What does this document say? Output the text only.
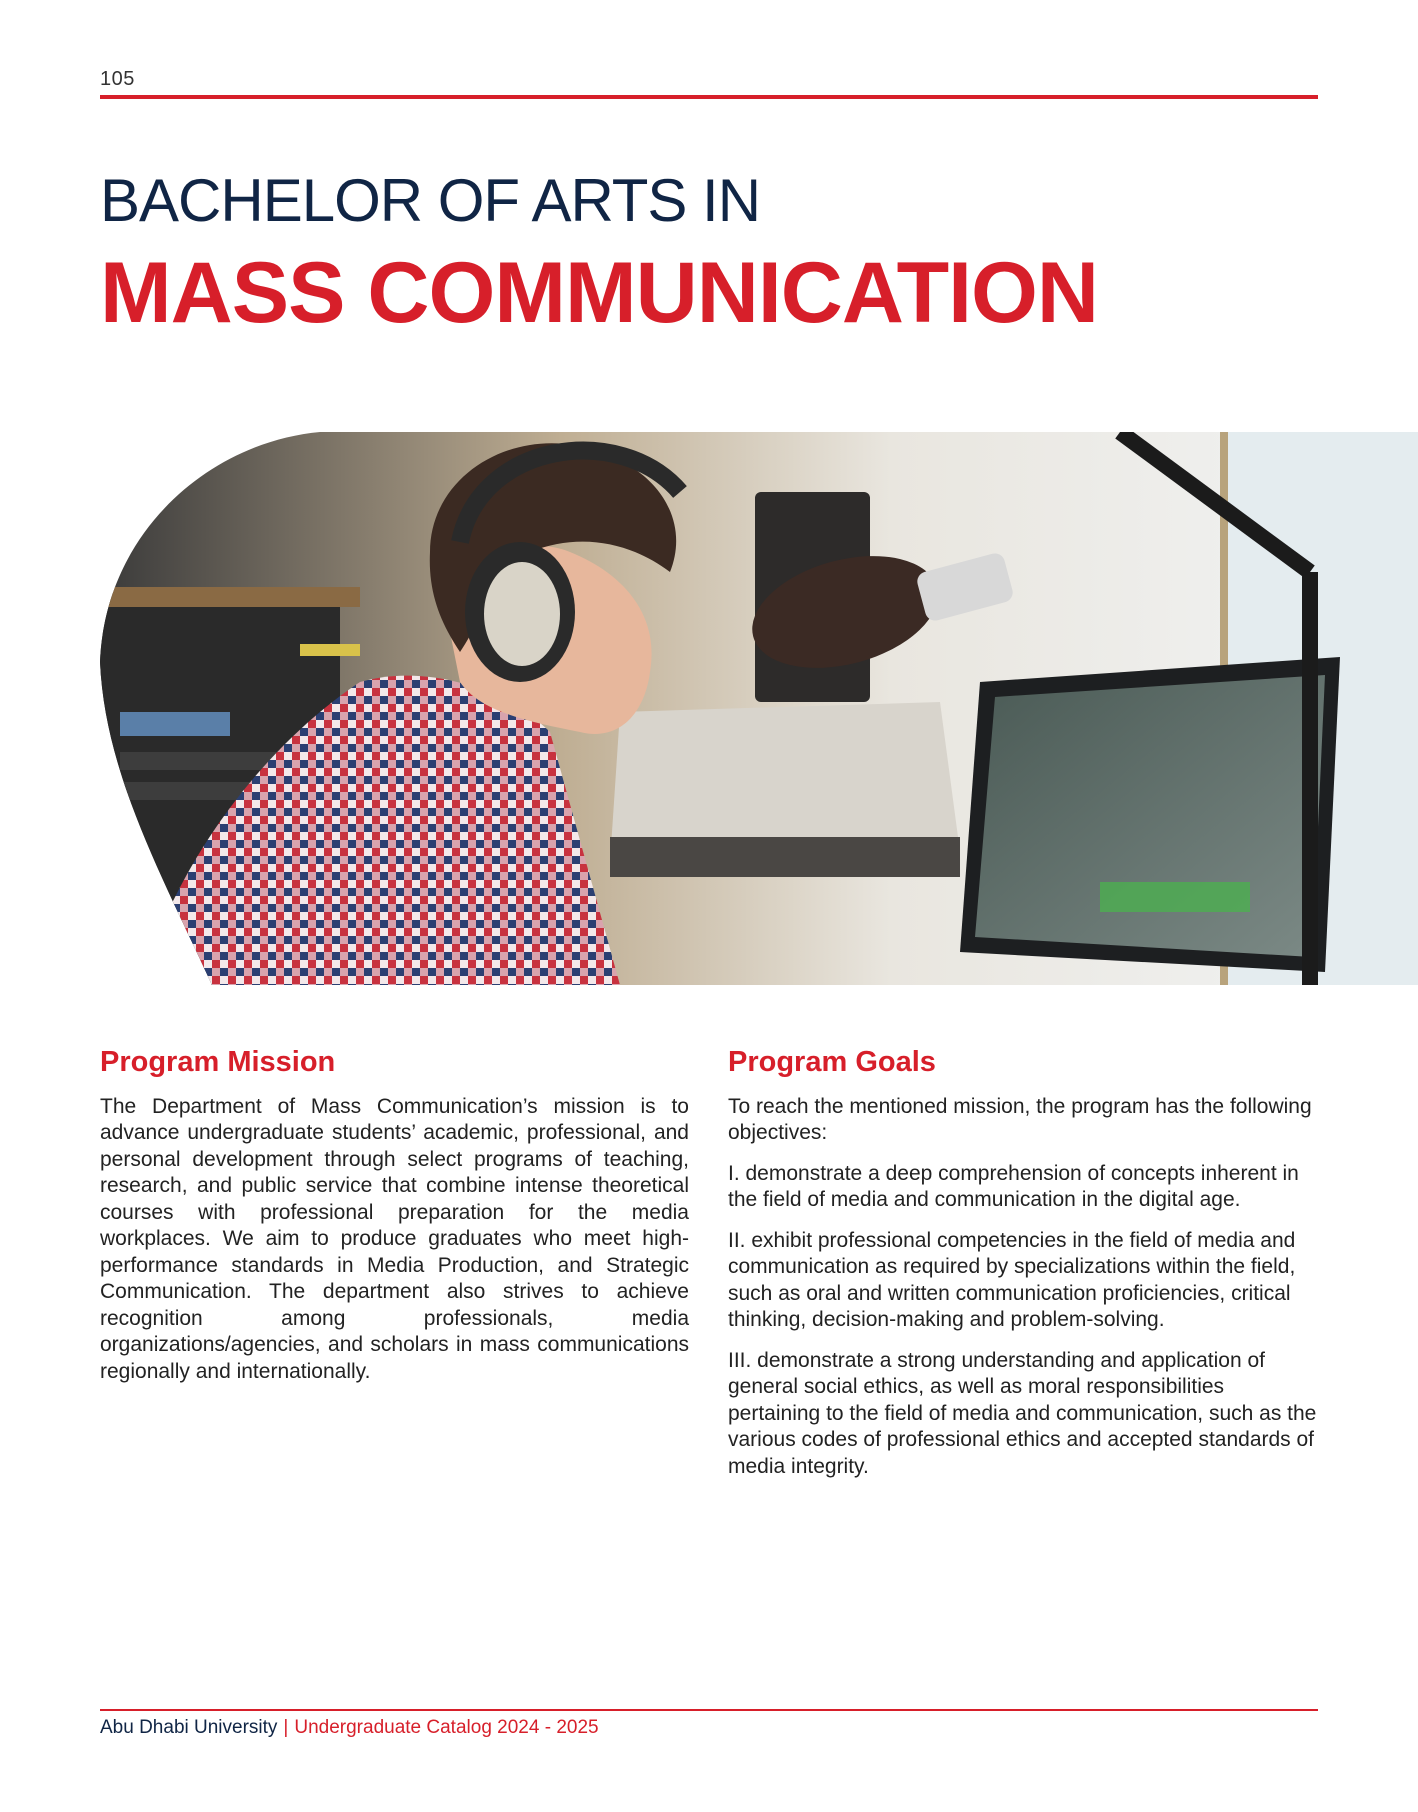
105
BACHELOR OF ARTS IN
MASS COMMUNICATION
Program Mission

The Department of Mass Communication’s mission is to advance undergraduate students’ academic, professional, and personal development through select programs of teaching, research, and public service that combine intense theoretical courses with professional preparation for the media workplaces. We aim to produce graduates who meet high-performance standards in Media Production, and Strategic Communication. The department also strives to achieve recognition among professionals, media organizations/agencies, and scholars in mass communications regionally and internationally.

Program Goals

To reach the mentioned mission, the program has the following objectives:

I. demonstrate a deep comprehension of concepts inherent in the field of media and communication in the digital age.

II. exhibit professional competencies in the field of media and communication as required by specializations within the field, such as oral and written communication proficiencies, critical thinking, decision-making and problem-solving.

III. demonstrate a strong understanding and application of general social ethics, as well as moral responsibilities pertaining to the field of media and communication, such as the various codes of professional ethics and accepted standards of media integrity.

Abu Dhabi University | Undergraduate Catalog 2024 - 2025
